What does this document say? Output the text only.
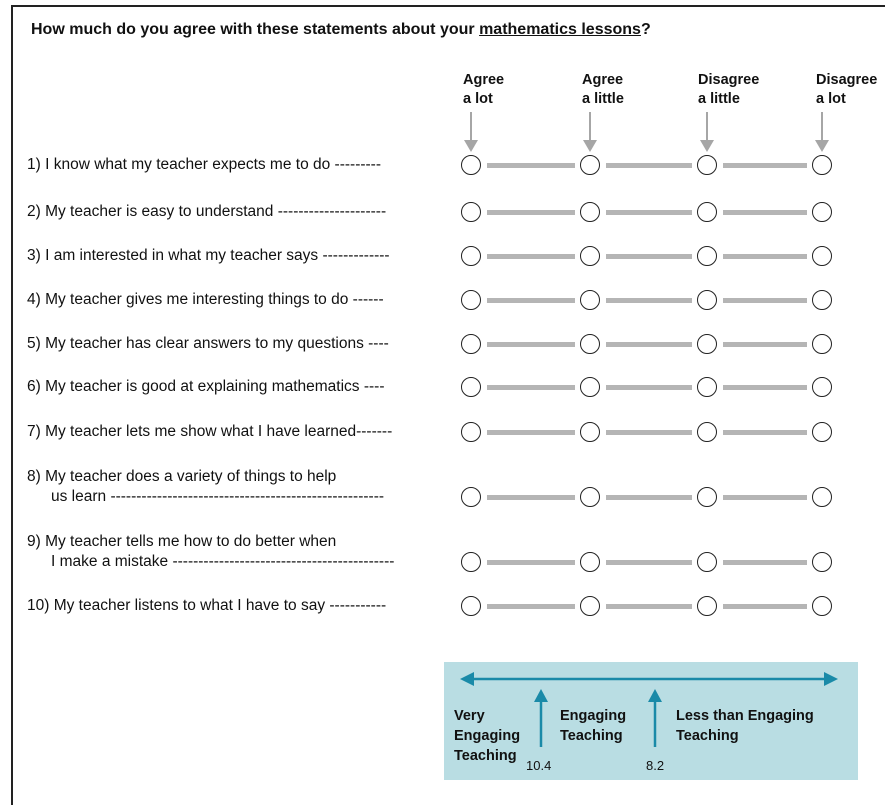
How much do you agree with these statements about your mathematics lessons?
Agree
a lot
Agree
a little
Disagree
a little
Disagree
a lot
1) I know what my teacher expects me to do ---------
2) My teacher is easy to understand ---------------------
3) I am interested in what my teacher says -------------
4) My teacher gives me interesting things to do ------
5) My teacher has clear answers to my questions ----
6) My teacher is good at explaining mathematics ----
7) My teacher lets me show what I have learned-------
8) My teacher does a variety of things to help
us learn -----------------------------------------------------
9) My teacher tells me how to do better when
I make a mistake -------------------------------------------
10) My teacher listens to what I have to say -----------
Very
Engaging
Teaching
Engaging
Teaching
Less than Engaging
Teaching
10.4	8.2
